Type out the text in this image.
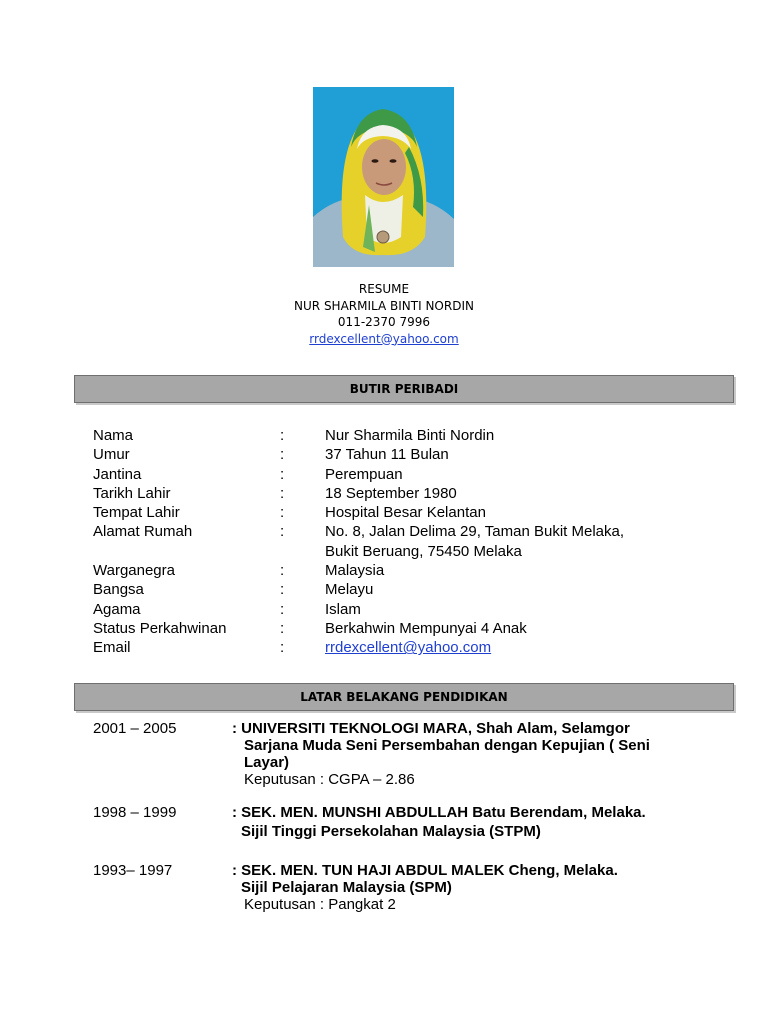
RESUME
NUR SHARMILA BINTI NORDIN
011-2370 7996
rrdexcellent@yahoo.com
BUTIR PERIBADI
Nama	:	Nur Sharmila Binti Nordin
Umur	:	37 Tahun 11 Bulan
Jantina	:	Perempuan
Tarikh Lahir	:	18 September 1980
Tempat Lahir	:	Hospital Besar Kelantan
Alamat Rumah	:	No. 8, Jalan Delima 29, Taman Bukit Melaka,
Bukit Beruang, 75450 Melaka
Warganegra	:	Malaysia
Bangsa	:	Melayu
Agama	:	Islam
Status Perkahwinan	:	Berkahwin Mempunyai 4 Anak
Email	:	rrdexcellent@yahoo.com
LATAR BELAKANG PENDIDIKAN
2001 – 2005	: UNIVERSITI TEKNOLOGI MARA, Shah Alam, Selamgor
Sarjana Muda Seni Persembahan dengan Kepujian ( Seni
Layar)
Keputusan : CGPA – 2.86
1998 – 1999	: SEK. MEN. MUNSHI ABDULLAH Batu Berendam, Melaka.
Sijil Tinggi Persekolahan Malaysia (STPM)
1993– 1997	: SEK. MEN. TUN HAJI ABDUL MALEK Cheng, Melaka.
Sijil Pelajaran Malaysia (SPM)
Keputusan : Pangkat 2
